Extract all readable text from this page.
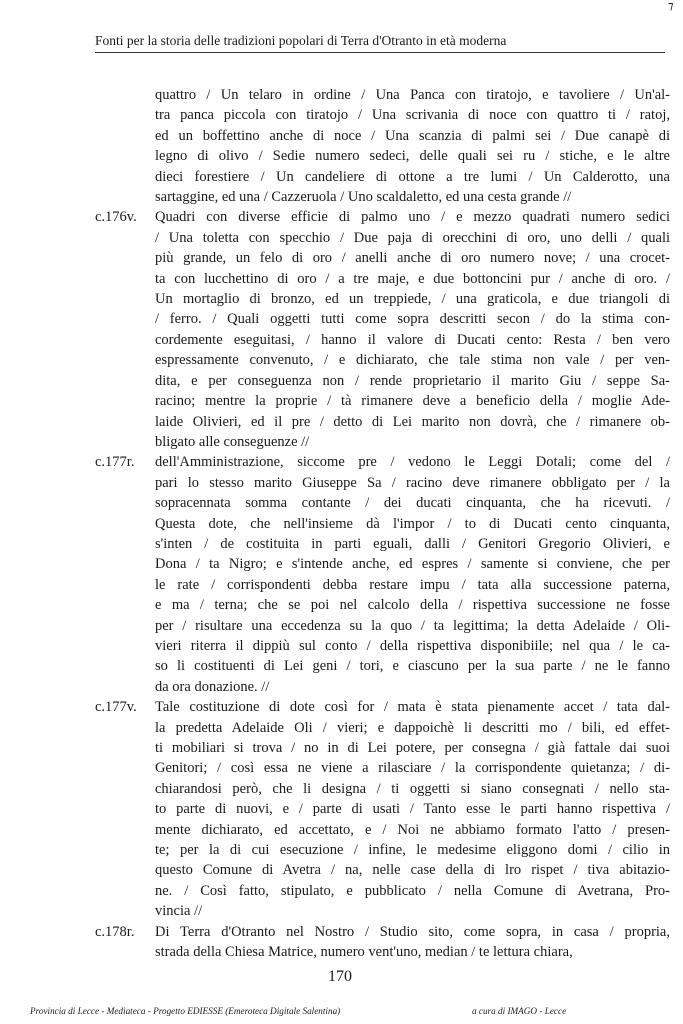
⁊
Fonti per la storia delle tradizioni popolari di Terra d'Otranto in età moderna
quattro / Un telaro in ordine / Una Panca con tiratojo, e tavoliere / Un'al-
tra panca piccola con tiratojo / Una scrivania di noce con quattro ti / ratoj,
ed un boffettino anche di noce / Una scanzia di palmi sei / Due canapè di
legno di olivo / Sedie numero sedeci, delle quali sei ru / stiche, e le altre
dieci forestiere / Un candeliere di ottone a tre lumi / Un Calderotto, una
sartaggine, ed una / Cazzeruola / Uno scaldaletto, ed una cesta grande //
c.176v.	Quadri con diverse efficie di palmo uno / e mezzo quadrati numero sedici
/ Una toletta con specchio / Due paja di orecchini di oro, uno delli / quali
più grande, un felo di oro / anelli anche di oro numero nove; / una crocet-
ta con lucchettino di oro / a tre maje, e due bottoncini pur / anche di oro. /
Un mortaglio di bronzo, ed un treppiede, / una graticola, e due triangoli di
/ ferro. / Quali oggetti tutti come sopra descritti secon / do la stima con-
cordemente eseguitasi, / hanno il valore di Ducati cento: Resta / ben vero
espressamente convenuto, / e dichiarato, che tale stima non vale / per ven-
dita, e per conseguenza non / rende proprietario il marito Giu / seppe Sa-
racino; mentre la proprie / tà rimanere deve a beneficio della / moglie Ade-
laide Olivieri, ed il pre / detto di Lei marito non dovrà, che / rimanere ob-
bligato alle conseguenze //
c.177r.	dell'Amministrazione, siccome pre / vedono le Leggi Dotali; come del /
pari lo stesso marito Giuseppe Sa / racino deve rimanere obbligato per / la
sopracennata somma contante / dei ducati cinquanta, che ha ricevuti. /
Questa dote, che nell'insieme dà l'impor / to di Ducati cento cinquanta,
s'inten / de costituita in parti eguali, dalli / Genitori Gregorio Olivieri, e
Dona / ta Nigro; e s'intende anche, ed espres / samente si conviene, che per
le rate / corrispondenti debba restare impu / tata alla successione paterna,
e ma / terna; che se poi nel calcolo della / rispettiva successione ne fosse
per / risultare una eccedenza su la quo / ta legittima; la detta Adelaide / Oli-
vieri riterra il dippiù sul conto / della rispettiva disponibiile; nel qua / le ca-
so li costituenti di Lei geni / tori, e ciascuno per la sua parte / ne le fanno
da ora donazione. //
c.177v.	Tale costituzione di dote così for / mata è stata pienamente accet / tata dal-
la predetta Adelaide Oli / vieri; e dappoichè li descritti mo / bili, ed effet-
ti mobiliari si trova / no in di Lei potere, per consegna / già fattale dai suoi
Genitori; / così essa ne viene a rilasciare / la corrispondente quietanza; / di-
chiarandosi però, che li designa / ti oggetti si siano consegnati / nello sta-
to parte di nuovi, e / parte di usati / Tanto esse le parti hanno rispettiva /
mente dichiarato, ed accettato, e / Noi ne abbiamo formato l'atto / presen-
te; per la di cui esecuzione / infine, le medesime eliggono domi / cilio in
questo Comune di Avetra / na, nelle case della di lro rispet / tiva abitazio-
ne. / Così fatto, stipulato, e pubblicato / nella Comune di Avetrana, Pro-
vincia //
c.178r.	Di Terra d'Otranto nel Nostro / Studio sito, come sopra, in casa / propria,
strada della Chiesa Matrice, numero vent'uno, median / te lettura chiara,
170
Provincia di Lecce - Mediateca - Progetto EDIESSE (Emeroteca Digitale Salentina)	a cura di IMAGO - Lecce
